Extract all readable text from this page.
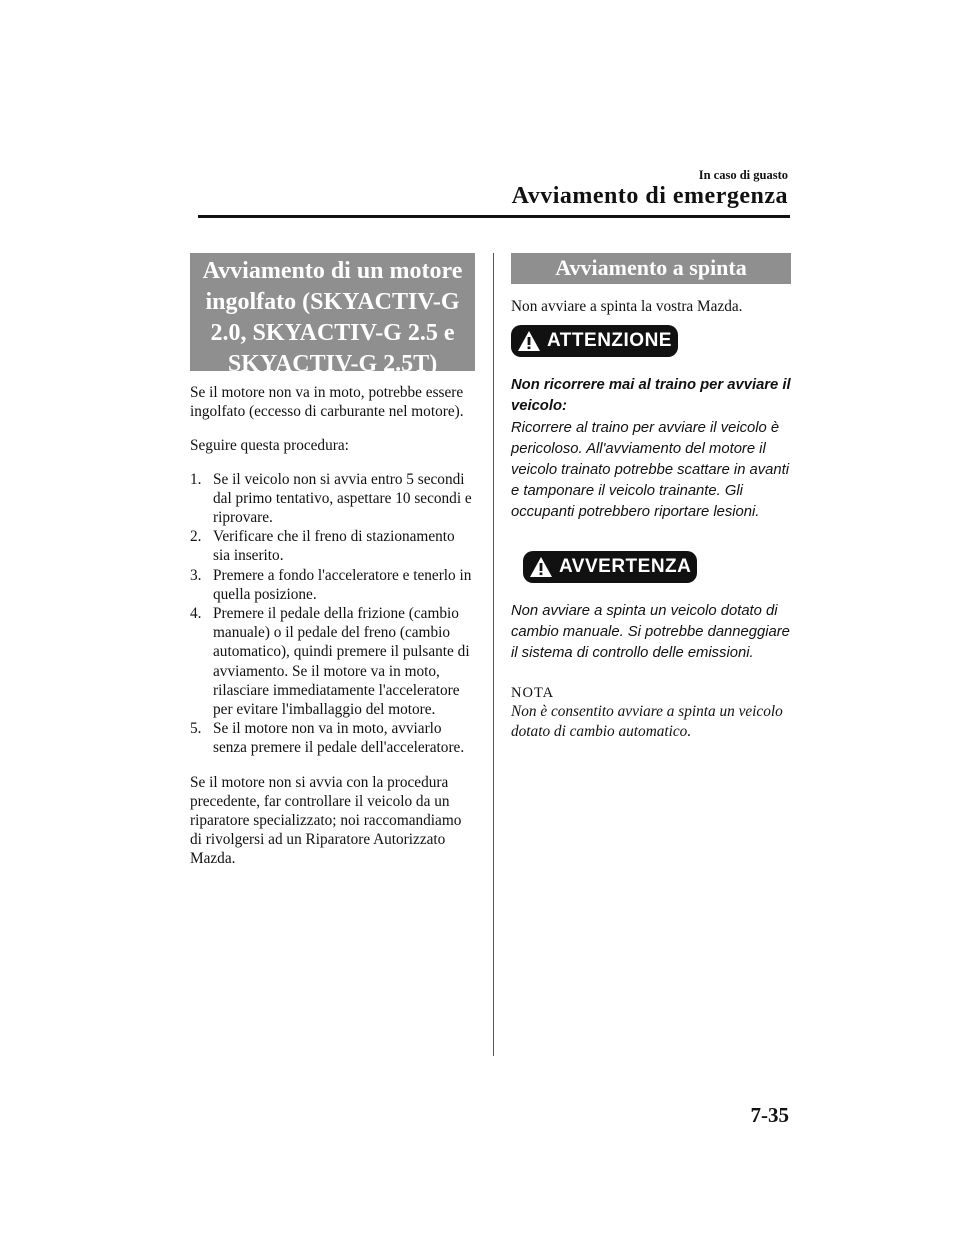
In caso di guasto
Avviamento di emergenza
Avviamento di un motore
ingolfato (SKYACTIV-G
2.0, SKYACTIV-G 2.5 e
SKYACTIV-G 2.5T)
Se il motore non va in moto, potrebbe essere ingolfato (eccesso di carburante nel motore).
Seguire questa procedura:
1. Se il veicolo non si avvia entro 5 secondi dal primo tentativo, aspettare 10 secondi e riprovare.
2. Verificare che il freno di stazionamento sia inserito.
3. Premere a fondo l'acceleratore e tenerlo in quella posizione.
4. Premere il pedale della frizione (cambio manuale) o il pedale del freno (cambio automatico), quindi premere il pulsante di avviamento. Se il motore va in moto, rilasciare immediatamente l'acceleratore per evitare l'imballaggio del motore.
5. Se il motore non va in moto, avviarlo senza premere il pedale dell'acceleratore.
Se il motore non si avvia con la procedura precedente, far controllare il veicolo da un riparatore specializzato; noi raccomandiamo di rivolgersi ad un Riparatore Autorizzato Mazda.
Avviamento a spinta
Non avviare a spinta la vostra Mazda.
ATTENZIONE
Non ricorrere mai al traino per avviare il veicolo:
Ricorrere al traino per avviare il veicolo è pericoloso. All'avviamento del motore il veicolo trainato potrebbe scattare in avanti e tamponare il veicolo trainante. Gli occupanti potrebbero riportare lesioni.
AVVERTENZA
Non avviare a spinta un veicolo dotato di cambio manuale. Si potrebbe danneggiare il sistema di controllo delle emissioni.
NOTA
Non è consentito avviare a spinta un veicolo dotato di cambio automatico.
7-35
